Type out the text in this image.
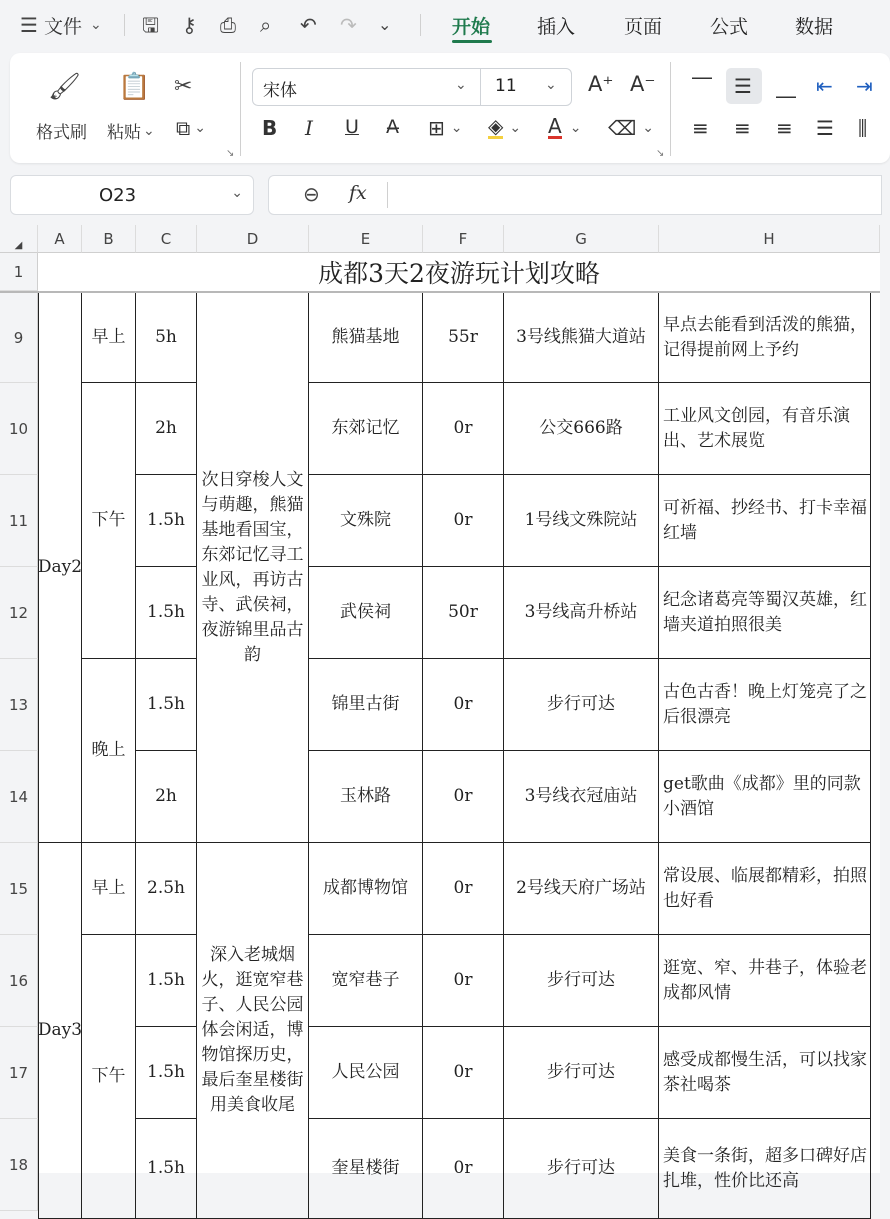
☰ 文件 ⌄ 🖫 ⚷ ⎙ ⌕ ↶ ↷ ⌄	开始 插入	页面	公式 数据
🖌
格式刷
📋
粘贴 ⌄
✂
⧉ ⌄
↘
宋体	⌄ 11 ⌄ A⁺ A⁻
B I U A̶ ⊞ ⌄ ◈ ⌄ A ⌄ ⌫ ⌄
↘
⎺ ☰ ⎽ ⇤ ⇥
≡ ≡ ≡ ☰ ⫼
O23	⌄	⊖ fx
$_◢$	A	B	C	D	E	F	G	H
1
9
10
11
12
13
14
15
16
17
18
成都3天2夜游玩计划攻略
Day2
早上
下午
晚上
次日穿梭人文与萌趣，熊猫基地看国宝，东郊记忆寻工业风，再访古寺、武侯祠，夜游锦里品古韵
5h	熊猫基地	55r	3号线熊猫大道站
早点去能看到活泼的熊猫，记得提前网上予约
2h	东郊记忆	0r	公交666路
工业风文创园，有音乐演出、艺术展览
1.5h	文殊院	0r	1号线文殊院站
可祈福、抄经书、打卡幸福红墙
1.5h	武侯祠	50r	3号线高升桥站
纪念诸葛亮等蜀汉英雄，红墙夹道拍照很美
1.5h	锦里古街	0r	步行可达
古色古香！晚上灯笼亮了之后很漂亮
2h	玉林路	0r	3号线衣冠庙站
get歌曲《成都》里的同款小酒馆
Day3
早上
下午
深入老城烟火，逛宽窄巷子、人民公园体会闲适，博物馆探历史，最后奎星楼街用美食收尾
2.5h	成都博物馆	0r	2号线天府广场站
常设展、临展都精彩，拍照也好看
1.5h	宽窄巷子	0r	步行可达
逛宽、窄、井巷子，体验老成都风情
1.5h	人民公园	0r	步行可达
感受成都慢生活，可以找家茶社喝茶
1.5h	奎星楼街	0r	步行可达
美食一条街，超多口碑好店扎堆，性价比还高
